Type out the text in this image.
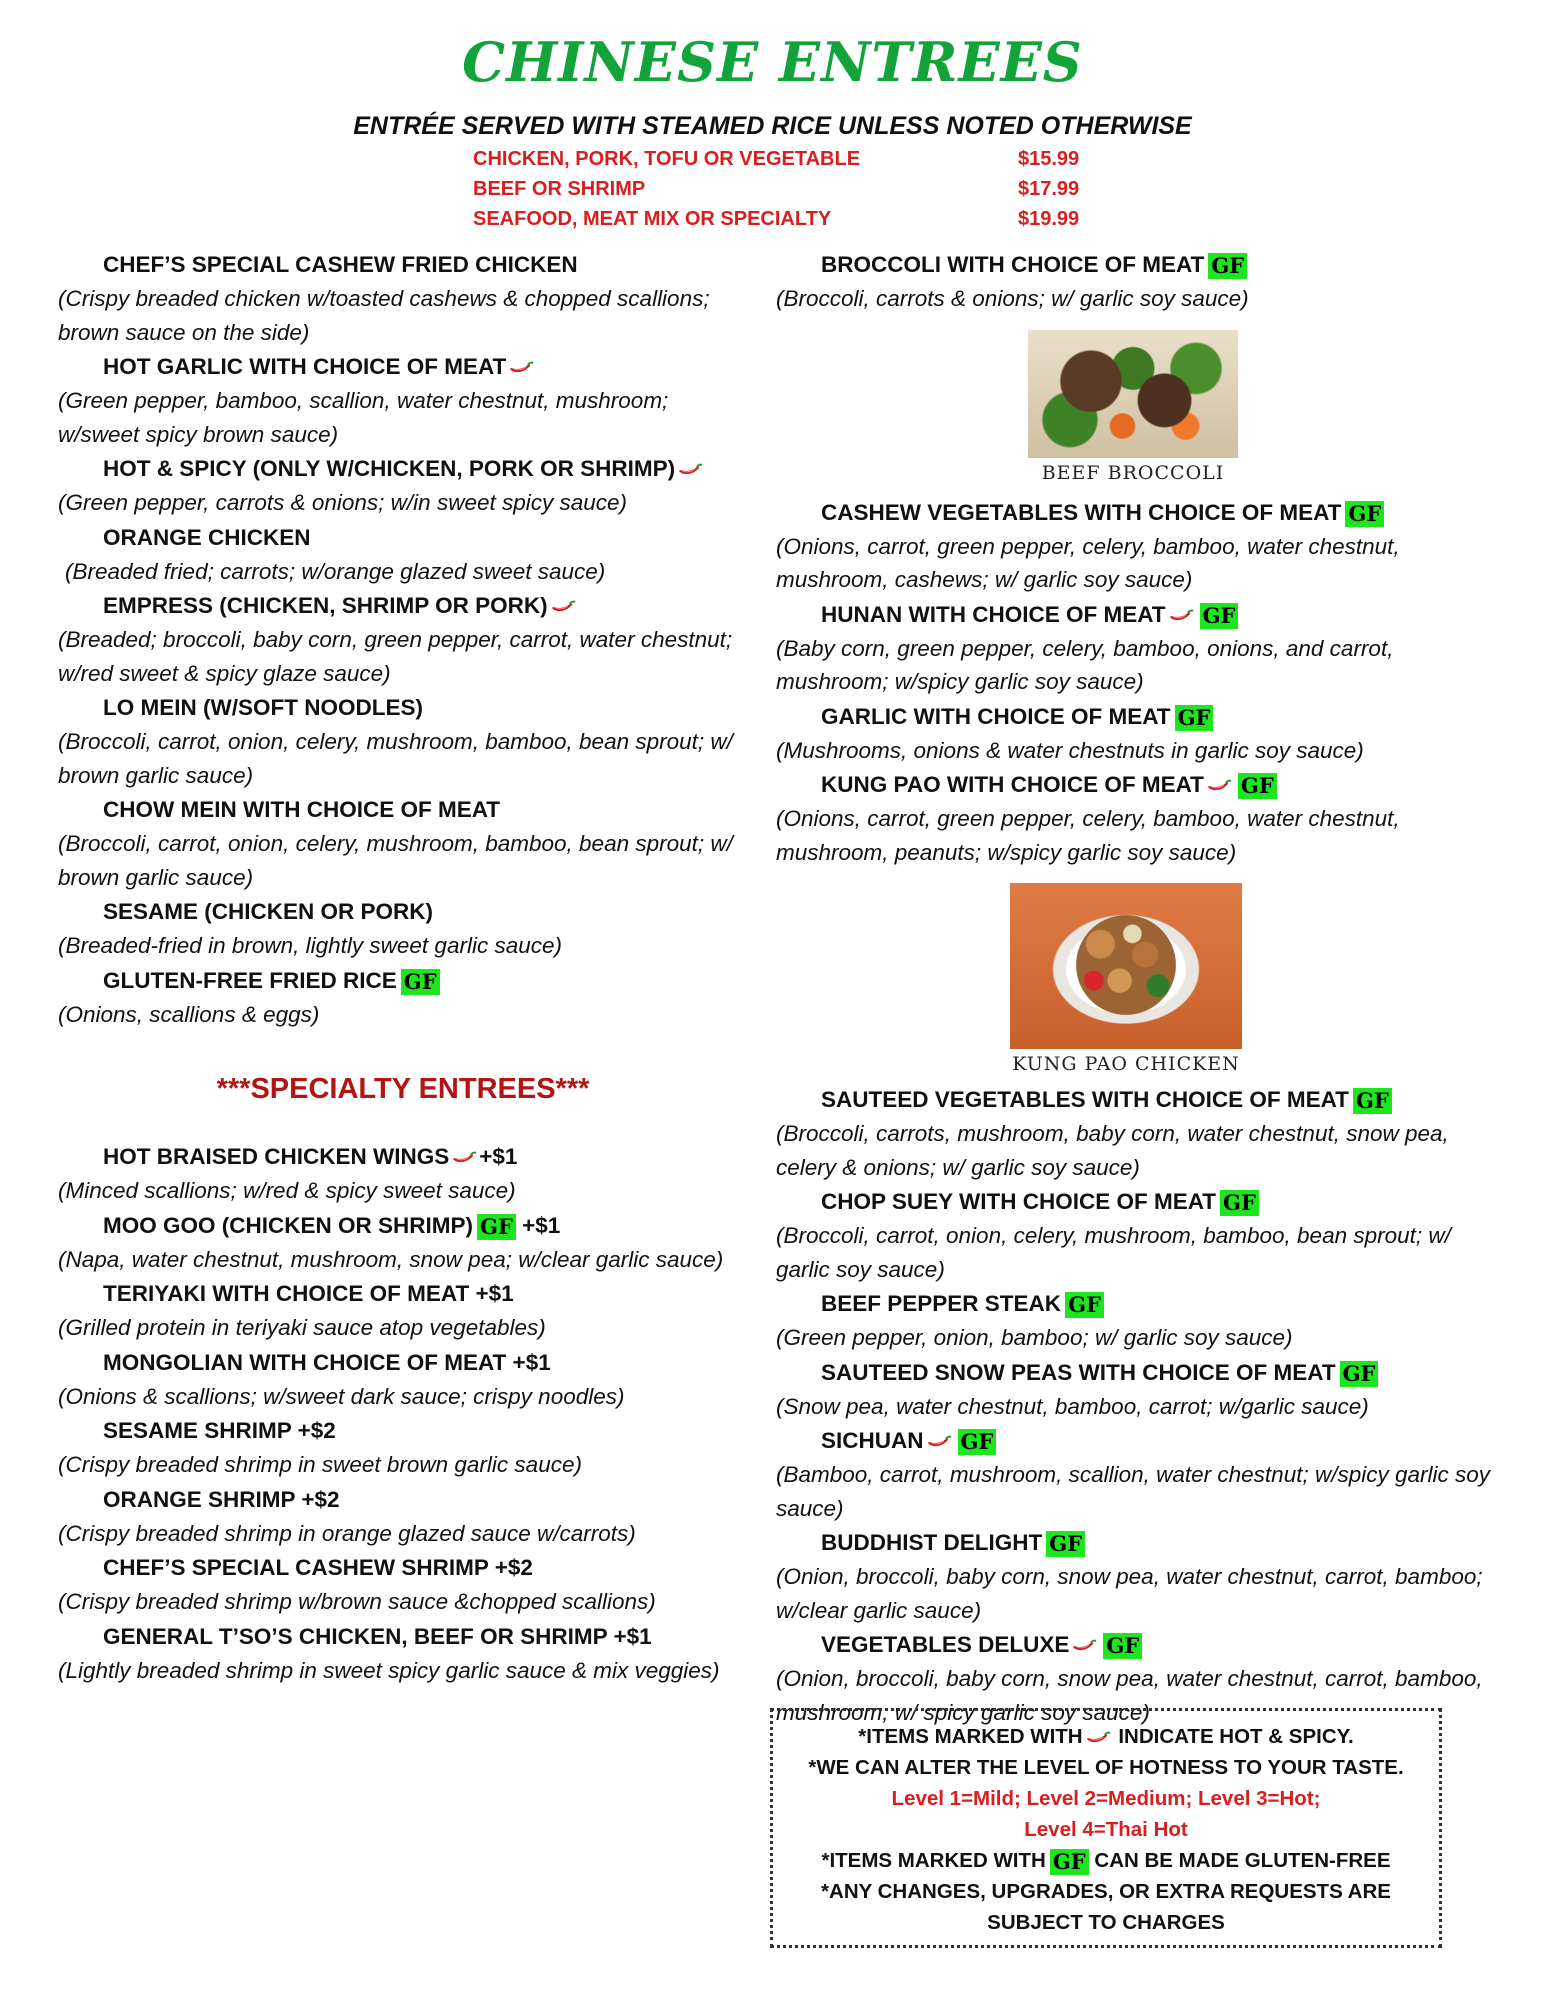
CHINESE ENTREES
ENTRÉE SERVED WITH STEAMED RICE UNLESS NOTED OTHERWISE
CHICKEN, PORK, TOFU OR VEGETABLE	$15.99
BEEF OR SHRIMP	$17.99
SEAFOOD, MEAT MIX OR SPECIALTY	$19.99
CHEF’S SPECIAL CASHEW FRIED CHICKEN
(Crispy breaded chicken w/toasted cashews & chopped scallions; brown sauce on the side)
HOT GARLIC WITH CHOICE OF MEAT
(Green pepper, bamboo, scallion, water chestnut, mushroom; w/sweet spicy brown sauce)
HOT & SPICY (ONLY W/CHICKEN, PORK OR SHRIMP)
(Green pepper, carrots & onions; w/in sweet spicy sauce)
ORANGE CHICKEN
(Breaded fried; carrots; w/orange glazed sweet sauce)
EMPRESS (CHICKEN, SHRIMP OR PORK)
(Breaded; broccoli, baby corn, green pepper, carrot, water chestnut; w/red sweet & spicy glaze sauce)
LO MEIN (W/SOFT NOODLES)
(Broccoli, carrot, onion, celery, mushroom, bamboo, bean sprout; w/ brown garlic sauce)
CHOW MEIN WITH CHOICE OF MEAT
(Broccoli, carrot, onion, celery, mushroom, bamboo, bean sprout; w/ brown garlic sauce)
SESAME (CHICKEN OR PORK)
(Breaded-fried in brown, lightly sweet garlic sauce)
GLUTEN-FREE FRIED RICE GF
(Onions, scallions & eggs)
***SPECIALTY ENTREES***
HOT BRAISED CHICKEN WINGS +$1
(Minced scallions; w/red & spicy sweet sauce)
MOO GOO (CHICKEN OR SHRIMP) GF +$1
(Napa, water chestnut, mushroom, snow pea; w/clear garlic sauce)
TERIYAKI WITH CHOICE OF MEAT +$1
(Grilled protein in teriyaki sauce atop vegetables)
MONGOLIAN WITH CHOICE OF MEAT +$1
(Onions & scallions; w/sweet dark sauce; crispy noodles)
SESAME SHRIMP +$2
(Crispy breaded shrimp in sweet brown garlic sauce)
ORANGE SHRIMP +$2
(Crispy breaded shrimp in orange glazed sauce w/carrots)
CHEF’S SPECIAL CASHEW SHRIMP +$2
(Crispy breaded shrimp w/brown sauce &chopped scallions)
GENERAL T’SO’S CHICKEN, BEEF OR SHRIMP +$1
(Lightly breaded shrimp in sweet spicy garlic sauce & mix veggies)
BROCCOLI WITH CHOICE OF MEAT GF
(Broccoli, carrots & onions; w/ garlic soy sauce)
BEEF BROCCOLI
CASHEW VEGETABLES WITH CHOICE OF MEAT GF
(Onions, carrot, green pepper, celery, bamboo, water chestnut, mushroom, cashews; w/ garlic soy sauce)
HUNAN WITH CHOICE OF MEAT GF
(Baby corn, green pepper, celery, bamboo, onions, and carrot, mushroom; w/spicy garlic soy sauce)
GARLIC WITH CHOICE OF MEAT GF
(Mushrooms, onions & water chestnuts in garlic soy sauce)
KUNG PAO WITH CHOICE OF MEAT GF
(Onions, carrot, green pepper, celery, bamboo, water chestnut, mushroom, peanuts; w/spicy garlic soy sauce)
KUNG PAO CHICKEN
SAUTEED VEGETABLES WITH CHOICE OF MEAT GF
(Broccoli, carrots, mushroom, baby corn, water chestnut, snow pea, celery & onions; w/ garlic soy sauce)
CHOP SUEY WITH CHOICE OF MEAT GF
(Broccoli, carrot, onion, celery, mushroom, bamboo, bean sprout; w/ garlic soy sauce)
BEEF PEPPER STEAK GF
(Green pepper, onion, bamboo; w/ garlic soy sauce)
SAUTEED SNOW PEAS WITH CHOICE OF MEAT GF
(Snow pea, water chestnut, bamboo, carrot; w/garlic sauce)
SICHUAN GF
(Bamboo, carrot, mushroom, scallion, water chestnut; w/spicy garlic soy sauce)
BUDDHIST DELIGHT GF
(Onion, broccoli, baby corn, snow pea, water chestnut, carrot, bamboo; w/clear garlic sauce)
VEGETABLES DELUXE GF
(Onion, broccoli, baby corn, snow pea, water chestnut, carrot, bamboo, mushroom; w/ spicy garlic soy sauce)
*ITEMS MARKED WITH INDICATE HOT & SPICY.
*WE CAN ALTER THE LEVEL OF HOTNESS TO YOUR TASTE.
Level 1=Mild; Level 2=Medium; Level 3=Hot;
Level 4=Thai Hot
*ITEMS MARKED WITH GF CAN BE MADE GLUTEN-FREE
*ANY CHANGES, UPGRADES, OR EXTRA REQUESTS ARE
SUBJECT TO CHARGES
